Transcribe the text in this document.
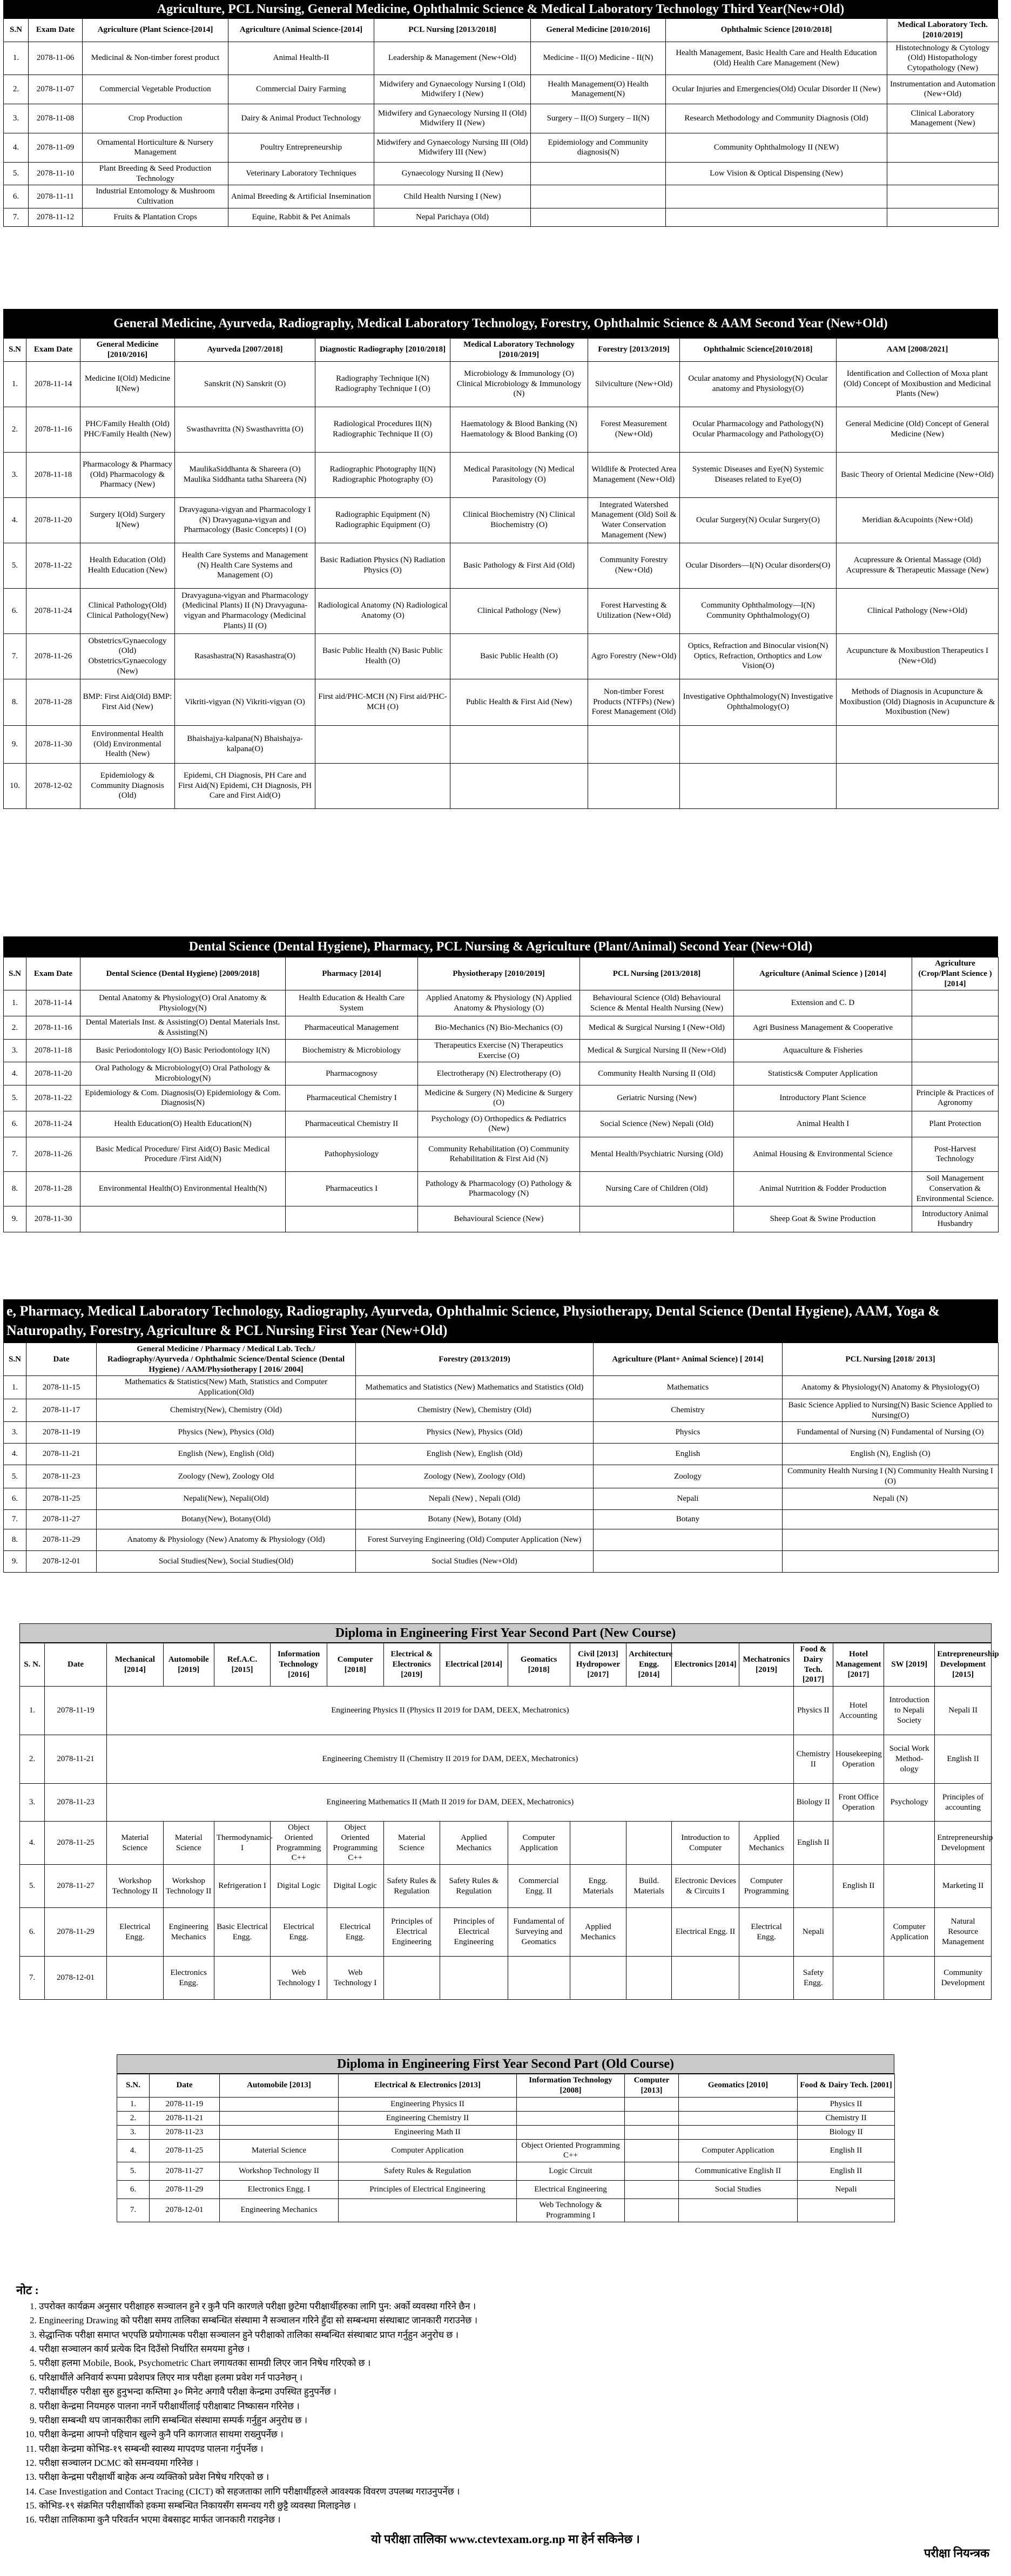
Agriculture, PCL Nursing, General Medicine, Ophthalmic Science & Medical Laboratory Technology Third Year(New+Old)
S.N	Exam Date	Agriculture (Plant Science-[2014]	Agriculture (Animal Science-[2014]	PCL Nursing [2013/2018]	General Medicine [2010/2016]	Ophthalmic Science [2010/2018]	Medical Laboratory Tech. [2010/2019]
1.	2078-11-06	Medicinal & Non-timber forest product	Animal Health-II	Leadership & Management (New+Old)	Medicine - II(O) Medicine - II(N)	Health Management, Basic Health Care and Health Education (Old) Health Care Management (New)	Histotechnology & Cytology (Old) Histopathology Cytopathology (New)
2.	2078-11-07	Commercial Vegetable Production	Commercial Dairy Farming	Midwifery and Gynaecology Nursing I (Old) Midwifery I (New)	Health Management(O) Health Management(N)	Ocular Injuries and Emergencies(Old) Ocular Disorder II (New)	Instrumentation and Automation (New+Old)
3.	2078-11-08	Crop Production	Dairy & Animal Product Technology	Midwifery and Gynaecology Nursing II (Old) Midwifery II (New)	Surgery – II(O) Surgery – II(N)	Research Methodology and Community Diagnosis (Old)	Clinical Laboratory Management (New)
4.	2078-11-09	Ornamental Horticulture & Nursery Management	Poultry Entrepreneurship	Midwifery and Gynaecology Nursing III (Old) Midwifery III (New)	Epidemiology and Community diagnosis(N)	Community Ophthalmology II (NEW)	
5.	2078-11-10	Plant Breeding & Seed Production Technology	Veterinary Laboratory Techniques	Gynaecology Nursing II (New)		Low Vision & Optical Dispensing (New)	
6.	2078-11-11	Industrial Entomology & Mushroom Cultivation	Animal Breeding & Artificial Insemination	Child Health Nursing I (New)			
7.	2078-11-12	Fruits & Plantation Crops	Equine, Rabbit & Pet Animals	Nepal Parichaya (Old)			
General Medicine, Ayurveda, Radiography, Medical Laboratory Technology, Forestry, Ophthalmic Science & AAM Second Year (New+Old)
S.N	Exam Date	General Medicine [2010/2016]	Ayurveda [2007/2018]	Diagnostic Radiography [2010/2018]	Medical Laboratory Technology [2010/2019]	Forestry [2013/2019]	Ophthalmic Science[2010/2018]	AAM [2008/2021]
1.	2078-11-14	Medicine I(Old) Medicine I(New)	Sanskrit (N) Sanskrit (O)	Radiography Technique I(N) Radiography Technique I (O)	Microbiology & Immunology (O) Clinical Microbiology & Immunology (N)	Silviculture (New+Old)	Ocular anatomy and Physiology(N) Ocular anatomy and Physiology(O)	Identification and Collection of Moxa plant (Old) Concept of Moxibustion and Medicinal Plants (New)
2.	2078-11-16	PHC/Family Health (Old) PHC/Family Health (New)	Swasthavritta (N) Swasthavritta (O)	Radiological Procedures II(N) Radiographic Technique II (O)	Haematology & Blood Banking (N) Haematology & Blood Banking (O)	Forest Measurement (New+Old)	Ocular Pharmacology and Pathology(N) Ocular Pharmacology and Pathology(O)	General Medicine (Old) Concept of General Medicine (New)
3.	2078-11-18	Pharmacology & Pharmacy (Old) Pharmacology & Pharmacy (New)	MaulikaSiddhanta & Shareera (O) Maulika Siddhanta tatha Shareera (N)	Radiographic Photography II(N) Radiographic Photography (O)	Medical Parasitology (N) Medical Parasitology (O)	Wildlife & Protected Area Management (New+Old)	Systemic Diseases and Eye(N) Systemic Diseases related to Eye(O)	Basic Theory of Oriental Medicine (New+Old)
4.	2078-11-20	Surgery I(Old) Surgery I(New)	Dravyaguna-vigyan and Pharmacology I (N) Dravyaguna-vigyan and Pharmacology (Basic Concepts) I (O)	Radiographic Equipment (N) Radiographic Equipment (O)	Clinical Biochemistry (N) Clinical Biochemistry (O)	Integrated Watershed Management (Old) Soil & Water Conservation Management (New)	Ocular Surgery(N) Ocular Surgery(O)	Meridian &Acupoints (New+Old)
5.	2078-11-22	Health Education (Old) Health Education (New)	Health Care Systems and Management (N) Health Care Systems and Management (O)	Basic Radiation Physics (N) Radiation Physics (O)	Basic Pathology & First Aid (Old)	Community Forestry (New+Old)	Ocular Disorders—I(N) Ocular disorders(O)	Acupressure & Oriental Massage (Old) Acupressure & Therapeutic Massage (New)
6.	2078-11-24	Clinical Pathology(Old) Clinical Pathology(New)	Dravyaguna-vigyan and Pharmacology (Medicinal Plants) II (N) Dravyaguna-vigyan and Pharmacology (Medicinal Plants) II (O)	Radiological Anatomy (N) Radiological Anatomy (O)	Clinical Pathology (New)	Forest Harvesting & Utilization (New+Old)	Community Ophthalmology—I(N) Community Ophthalmology(O)	Clinical Pathology (New+Old)
7.	2078-11-26	Obstetrics/Gynaecology (Old) Obstetrics/Gynaecology (New)	Rasashastra(N) Rasashastra(O)	Basic Public Health (N) Basic Public Health (O)	Basic Public Health (O)	Agro Forestry (New+Old)	Optics, Refraction and Binocular vision(N) Optics, Refraction, Orthoptics and Low Vision(O)	Acupuncture & Moxibustion Therapeutics I (New+Old)
8.	2078-11-28	BMP: First Aid(Old) BMP: First Aid (New)	Vikriti-vigyan (N) Vikriti-vigyan (O)	First aid/PHC-MCH (N) First aid/PHC-MCH (O)	Public Health & First Aid (New)	Non-timber Forest Products (NTFPs) (New) Forest Management (Old)	Investigative Ophthalmology(N) Investigative Ophthalmology(O)	Methods of Diagnosis in Acupuncture & Moxibustion (Old) Diagnosis in Acupuncture & Moxibustion (New)
9.	2078-11-30	Environmental Health (Old) Environmental Health (New)	Bhaishajya-kalpana(N) Bhaishajya-kalpana(O)					
10.	2078-12-02	Epidemiology & Community Diagnosis (Old)	Epidemi, CH Diagnosis, PH Care and First Aid(N) Epidemi, CH Diagnosis, PH Care and First Aid(O)					
Dental Science (Dental Hygiene), Pharmacy, PCL Nursing & Agriculture (Plant/Animal) Second Year (New+Old)
S.N	Exam Date	Dental Science (Dental Hygiene) [2009/2018]	Pharmacy [2014]	Physiotherapy [2010/2019]	PCL Nursing [2013/2018]	Agriculture (Animal Science ) [2014]	Agriculture (Crop/Plant Science ) [2014]
1.	2078-11-14	Dental Anatomy & Physiology(O) Oral Anatomy & Physiology(N)	Health Education & Health Care System	Applied Anatomy & Physiology (N) Applied Anatomy & Physiology (O)	Behavioural Science (Old) Behavioural Science & Mental Health Nursing (New)	Extension and C. D	
2.	2078-11-16	Dental Materials Inst. & Assisting(O) Dental Materials Inst. & Assisting(N)	Pharmaceutical Management	Bio-Mechanics (N) Bio-Mechanics (O)	Medical & Surgical Nursing I (New+Old)	Agri Business Management & Cooperative	
3.	2078-11-18	Basic Periodontology I(O) Basic Periodontology I(N)	Biochemistry & Microbiology	Therapeutics Exercise (N) Therapeutics Exercise (O)	Medical & Surgical Nursing II (New+Old)	Aquaculture & Fisheries	
4.	2078-11-20	Oral Pathology & Microbiology(O) Oral Pathology & Microbiology(N)	Pharmacognosy	Electrotherapy (N) Electrotherapy (O)	Community Health Nursing II (Old)	Statistics& Computer Application	
5.	2078-11-22	Epidemiology & Com. Diagnosis(O) Epidemiology & Com. Diagnosis(N)	Pharmaceutical Chemistry I	Medicine & Surgery (N) Medicine & Surgery (O)	Geriatric Nursing (New)	Introductory Plant Science	Principle & Practices of Agronomy
6.	2078-11-24	Health Education(O) Health Education(N)	Pharmaceutical Chemistry II	Psychology (O) Orthopedics & Pediatrics (New)	Social Science (New) Nepali (Old)	Animal Health I	Plant Protection
7.	2078-11-26	Basic Medical Procedure/ First Aid(O) Basic Medical Procedure /First Aid(N)	Pathophysiology	Community Rehabilitation (O) Community Rehabilitation & First Aid (N)	Mental Health/Psychiatric Nursing (Old)	Animal Housing & Environmental Science	Post-Harvest Technology
8.	2078-11-28	Environmental Health(O) Environmental Health(N)	Pharmaceutics I	Pathology & Pharmacology (O) Pathology & Pharmacology (N)	Nursing Care of Children (Old)	Animal Nutrition & Fodder Production	Soil Management Conservation & Environmental Science.
9.	2078-11-30			Behavioural Science (New)		Sheep Goat & Swine Production	Introductory Animal Husbandry
e, Pharmacy, Medical Laboratory Technology, Radiography, Ayurveda, Ophthalmic Science, Physiotherapy, Dental Science (Dental Hygiene), AAM, Yoga & Naturopathy, Forestry, Agriculture & PCL Nursing First Year (New+Old)
S.N	Date	General Medicine / Pharmacy / Medical Lab. Tech./ Radiography/Ayurveda / Ophthalmic Science/Dental Science (Dental Hygiene) / AAM/Physiotherapy [ 2016/ 2004]	Forestry (2013/2019)	Agriculture (Plant+ Animal Science) [ 2014]	PCL Nursing [2018/ 2013]
1.	2078-11-15	Mathematics & Statistics(New) Math, Statistics and Computer Application(Old)	Mathematics and Statistics (New) Mathematics and Statistics (Old)	Mathematics	Anatomy & Physiology(N) Anatomy & Physiology(O)
2.	2078-11-17	Chemistry(New), Chemistry (Old)	Chemistry (New), Chemistry (Old)	Chemistry	Basic Science Applied to Nursing(N) Basic Science Applied to Nursing(O)
3.	2078-11-19	Physics (New), Physics (Old)	Physics (New), Physics (Old)	Physics	Fundamental of Nursing (N) Fundamental of Nursing (O)
4.	2078-11-21	English (New), English (Old)	English (New), English (Old)	English	English (N), English (O)
5.	2078-11-23	Zoology (New), Zoology Old	Zoology (New), Zoology (Old)	Zoology	Community Health Nursing I (N) Community Health Nursing I (O)
6.	2078-11-25	Nepali(New), Nepali(Old)	Nepali (New) , Nepali (Old)	Nepali	Nepali (N)
7.	2078-11-27	Botany(New), Botany(Old)	Botany (New), Botany (Old)	Botany	
8.	2078-11-29	Anatomy & Physiology (New) Anatomy & Physiology (Old)	Forest Surveying Engineering (Old) Computer Application (New)		
9.	2078-12-01	Social Studies(New), Social Studies(Old)	Social Studies (New+Old)		
Diploma in Engineering First Year Second Part (New Course)
S. N.	Date	Mechanical [2014]	Automobile [2019]	Ref.A.C. [2015]	Information Technology [2016]	Computer [2018]	Electrical & Electronics [2019]	Electrical [2014]	Geomatics [2018]	Civil [2013] Hydropower [2017]	Architecture Engg. [2014]	Electronics [2014]	Mechatronics [2019]	Food & Dairy Tech. [2017]	Hotel Management [2017]	SW [2019]	Entrepreneurship Development [2015]
1.	2078-11-19	Engineering Physics II (Physics II 2019 for DAM, DEEX, Mechatronics)												Physics II	Hotel Accounting	Introduction to Nepali Society	Nepali II
2.	2078-11-21	Engineering Chemistry II (Chemistry II 2019 for DAM, DEEX, Mechatronics)												Chemistry II	Housekeeping Operation	Social Work Method-ology	English II
3.	2078-11-23	Engineering Mathematics II (Math II 2019 for DAM, DEEX, Mechatronics)												Biology II	Front Office Operation	Psychology	Principles of accounting
4.	2078-11-25	Material Science	Material Science	Thermodynamic-I	Object Oriented Programming C++	Object Oriented Programming C++	Material Science	Applied Mechanics	Computer Application			Introduction to Computer	Applied Mechanics	English II			Entrepreneurship Development
5.	2078-11-27	Workshop Technology II	Workshop Technology II	Refrigeration I	Digital Logic	Digital Logic	Safety Rules & Regulation	Safety Rules & Regulation	Commercial Engg. II	Engg. Materials	Build. Materials	Electronic Devices & Circuits I	Computer Programming		English II		Marketing II
6.	2078-11-29	Electrical Engg.	Engineering Mechanics	Basic Electrical Engg.	Electrical Engg.	Electrical Engg.	Principles of Electrical Engineering	Principles of Electrical Engineering	Fundamental of Surveying and Geomatics	Applied Mechanics		Electrical Engg. II	Electrical Engg.	Nepali		Computer Application	Natural Resource Management
7.	2078-12-01		Electronics Engg.		Web Technology I	Web Technology I								Safety Engg.			Community Development
Diploma in Engineering First Year Second Part (Old Course)
S.N.	Date	Automobile [2013]	Electrical & Electronics [2013]	Information Technology [2008]	Computer [2013]	Geomatics [2010]	Food & Dairy Tech. [2001]
1.	2078-11-19		Engineering Physics II				Physics II
2.	2078-11-21		Engineering Chemistry II				Chemistry II
3.	2078-11-23		Engineering Math II				Biology II
4.	2078-11-25	Material Science	Computer Application	Object Oriented Programming C++		Computer Application	English II
5.	2078-11-27	Workshop Technology II	Safety Rules & Regulation	Logic Circuit		Communicative English II	English II
6.	2078-11-29	Electronics Engg. I	Principles of Electrical Engineering	Electrical Engineering		Social Studies	Nepali
7.	2078-12-01	Engineering Mechanics		Web Technology & Programming I			
नोट :
1. उपरोक्त कार्यक्रम अनुसार परीक्षाहरु सञ्चालन हुने र कुनै पनि कारणले परीक्षा छुटेमा परीक्षार्थीहरुका लागि पुन: अर्को व्यवस्था गरिने छैन ।
2. Engineering Drawing को परीक्षा समय तालिका सम्बन्धित संस्थामा नै सञ्चालन गरिने हुँदा सो सम्बन्धमा संस्थाबाट जानकारी गराउनेछ ।
3. सेद्धान्तिक परीक्षा समाप्त भएपछि प्रयोगात्मक परीक्षा सञ्चालन हुने परीक्षाको तालिका सम्बन्धित संस्थाबाट प्राप्त गर्नुहुन अनुरोध छ ।
4. परीक्षा सञ्चालन कार्य प्रत्येक दिन दिउँसो निर्धारित समयमा हुनेछ ।
5. परीक्षा हलमा Mobile, Book, Psychometric Chart लगायतका सामग्री लिएर जान निषेध गरिएको छ ।
6. परिक्षार्थीले अनिवार्य रूपमा प्रवेशपत्र लिएर मात्र परीक्षा हलमा प्रवेश गर्न पाउनेछन् ।
7. परीक्षार्थीहरु परीक्षा सुरु हुनुभन्दा कम्तिमा ३० मिनेट अगावै परीक्षा केन्द्रमा उपस्थित हुनुपर्नेछ ।
8. परीक्षा केन्द्रमा नियमहरु पालना नगर्ने परीक्षार्थीलाई परीक्षाबाट निष्कासन गरिनेछ ।
9. परीक्षा सम्बन्धी थप जानकारीका लागि सम्बन्धित संस्थामा सम्पर्क गर्नुहुन अनुरोध छ ।
10. परीक्षा केन्द्रमा आफ्नो पहिचान खुल्ने कुनै पनि कागजात साथमा राख्नुपर्नेछ ।
11. परीक्षा केन्द्रमा कोभिड-१९ सम्बन्धी स्वास्थ्य मापदण्ड पालना गर्नुपर्नेछ ।
12. परीक्षा सञ्चालन DCMC को समन्वयमा गरिनेछ ।
13. परीक्षा केन्द्रमा परीक्षार्थी बाहेक अन्य व्यक्तिको प्रवेश निषेध गरिएको छ ।
14. Case Investigation and Contact Tracing (CICT) को सहजताका लागि परीक्षार्थीहरुले आवश्यक विवरण उपलब्ध गराउनुपर्नेछ ।
15. कोभिड-१९ संक्रमित परीक्षार्थीको हकमा सम्बन्धित निकायसँग समन्वय गरी छुट्टै व्यवस्था मिलाइनेछ ।
16. परीक्षा तालिकामा कुनै परिवर्तन भएमा वेबसाइट मार्फत जानकारी गराइनेछ ।
यो परीक्षा तालिका www.ctevtexam.org.np मा हेर्न सकिनेछ ।
परीक्षा नियन्त्रक
